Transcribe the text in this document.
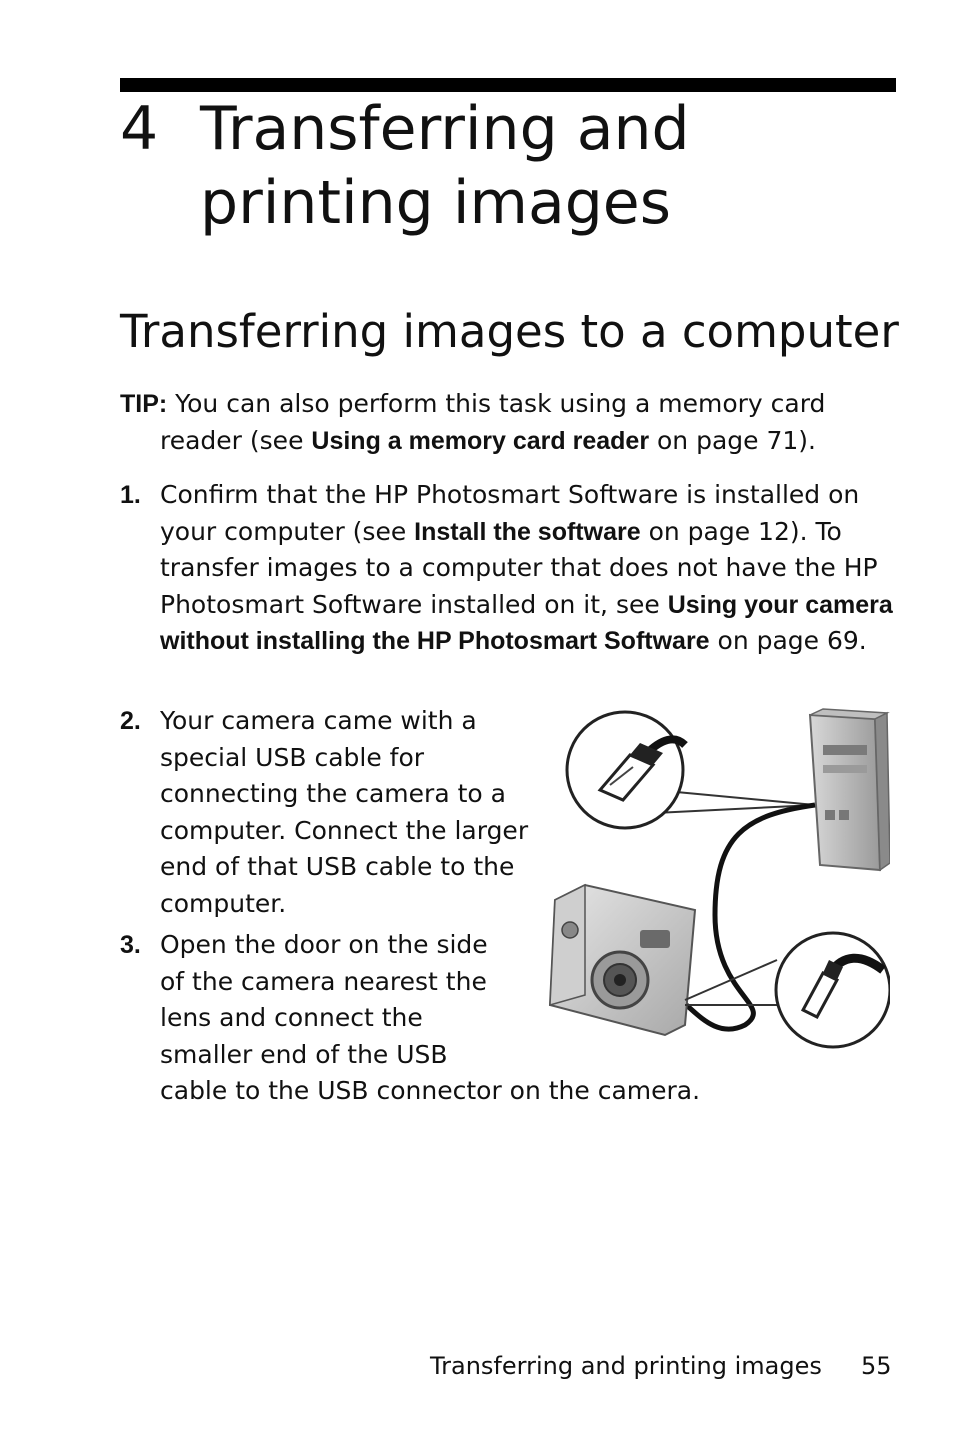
4 Transferring and
printing images
Transferring images to a computer
TIP: You can also perform this task using a memory card
reader (see Using a memory card reader on page 71).
1. Confirm that the HP Photosmart Software is installed on your computer (see Install the software on page 12). To transfer images to a computer that does not have the HP Photosmart Software installed on it, see Using your camera without installing the HP Photosmart Software on page 69.
2. Your camera came with a special USB cable for connecting the camera to a computer. Connect the larger end of that USB cable to the computer.
3. Open the door on the side of the camera nearest the lens and connect the smaller end of the USB
cable to the USB connector on the camera.
Transferring and printing images 55
